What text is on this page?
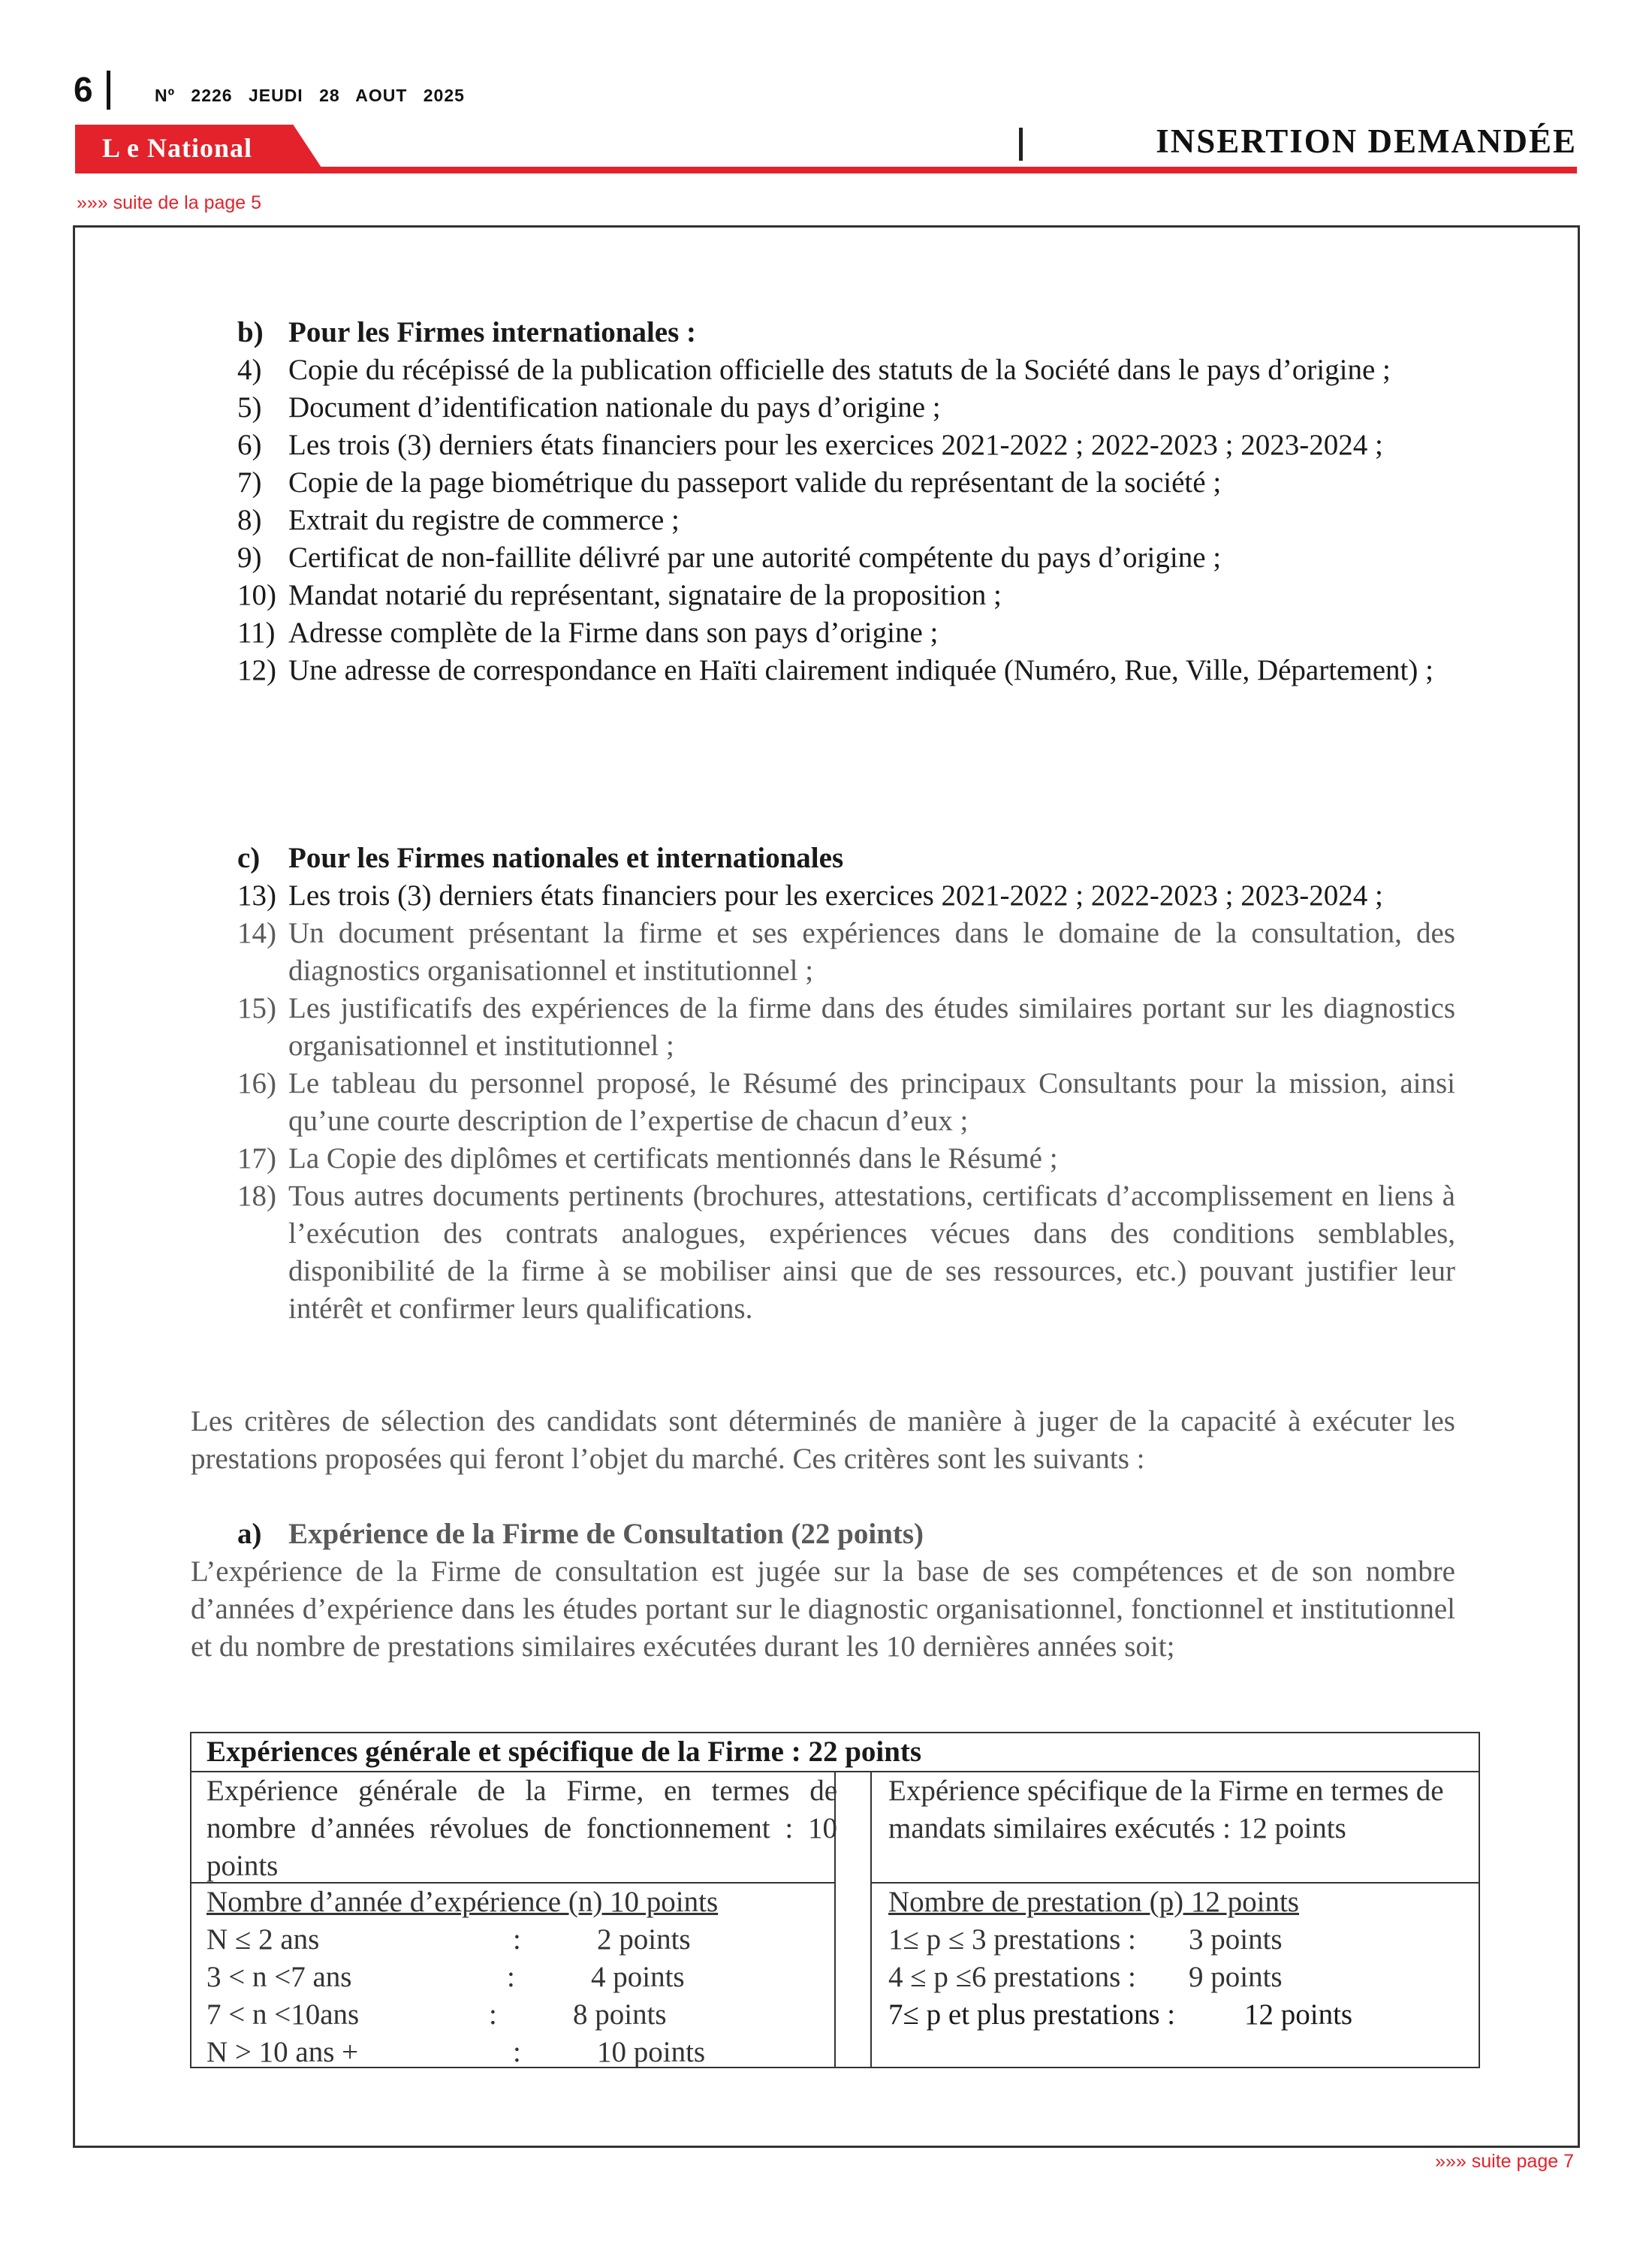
6	Nº 2226 JEUDI 28 AOUT 2025
L e National	INSERTION DEMANDÉE
»»» suite de la page 5
b) Pour les Firmes internationales :
4) Copie du récépissé de la publication officielle des statuts de la Société dans le pays d’origine ;
5) Document d’identification nationale du pays d’origine ;
6) Les trois (3) derniers états financiers pour les exercices 2021-2022 ; 2022-2023 ; 2023-2024 ;
7) Copie de la page biométrique du passeport valide du représentant de la société ;
8) Extrait du registre de commerce ;
9) Certificat de non-faillite délivré par une autorité compétente du pays d’origine ;
10) Mandat notarié du représentant, signataire de la proposition ;
11) Adresse complète de la Firme dans son pays d’origine ;
12) Une adresse de correspondance en Haïti clairement indiquée (Numéro, Rue, Ville, Département) ;
c) Pour les Firmes nationales et internationales
13) Les trois (3) derniers états financiers pour les exercices 2021-2022 ; 2022-2023 ; 2023-2024 ;
14) Un document présentant la firme et ses expériences dans le domaine de la consultation, des diagnostics organisationnel et institutionnel ;
15) Les justificatifs des expériences de la firme dans des études similaires portant sur les diagnostics organisationnel et institutionnel ;
16) Le tableau du personnel proposé, le Résumé des principaux Consultants pour la mission, ainsi qu’une courte description de l’expertise de chacun d’eux ;
17) La Copie des diplômes et certificats mentionnés dans le Résumé ;
18) Tous autres documents pertinents (brochures, attestations, certificats d’accomplissement en liens à l’exécution des contrats analogues, expériences vécues dans des conditions semblables, disponibilité de la firme à se mobiliser ainsi que de ses ressources, etc.) pouvant justifier leur intérêt et confirmer leurs qualifications.
Les critères de sélection des candidats sont déterminés de manière à juger de la capacité à exécuter les prestations proposées qui feront l’objet du marché. Ces critères sont les suivants :
a) Expérience de la Firme de Consultation (22 points)
L’expérience de la Firme de consultation est jugée sur la base de ses compétences et de son nombre d’années d’expérience dans les études portant sur le diagnostic organisationnel, fonctionnel et institutionnel et du nombre de prestations similaires exécutées durant les 10 dernières années soit;
Expériences générale et spécifique de la Firme : 22 points
Expérience générale de la Firme, en termes de nombre d’années révolues de fonctionnement : 10 points
Expérience spécifique de la Firme en termes de mandats similaires exécutés : 12 points
Nombre d’année d’expérience (n) 10 points
N ≤ 2 ans	:	2 points
3 < n <7 ans	:	4 points
7 < n <10ans	:	8 points
N > 10 ans +	:	10 points
Nombre de prestation (p) 12 points
1≤ p ≤ 3 prestations : 3 points
4 ≤ p ≤6 prestations : 9 points
7≤ p et plus prestations : 12 points
»»» suite page 7
